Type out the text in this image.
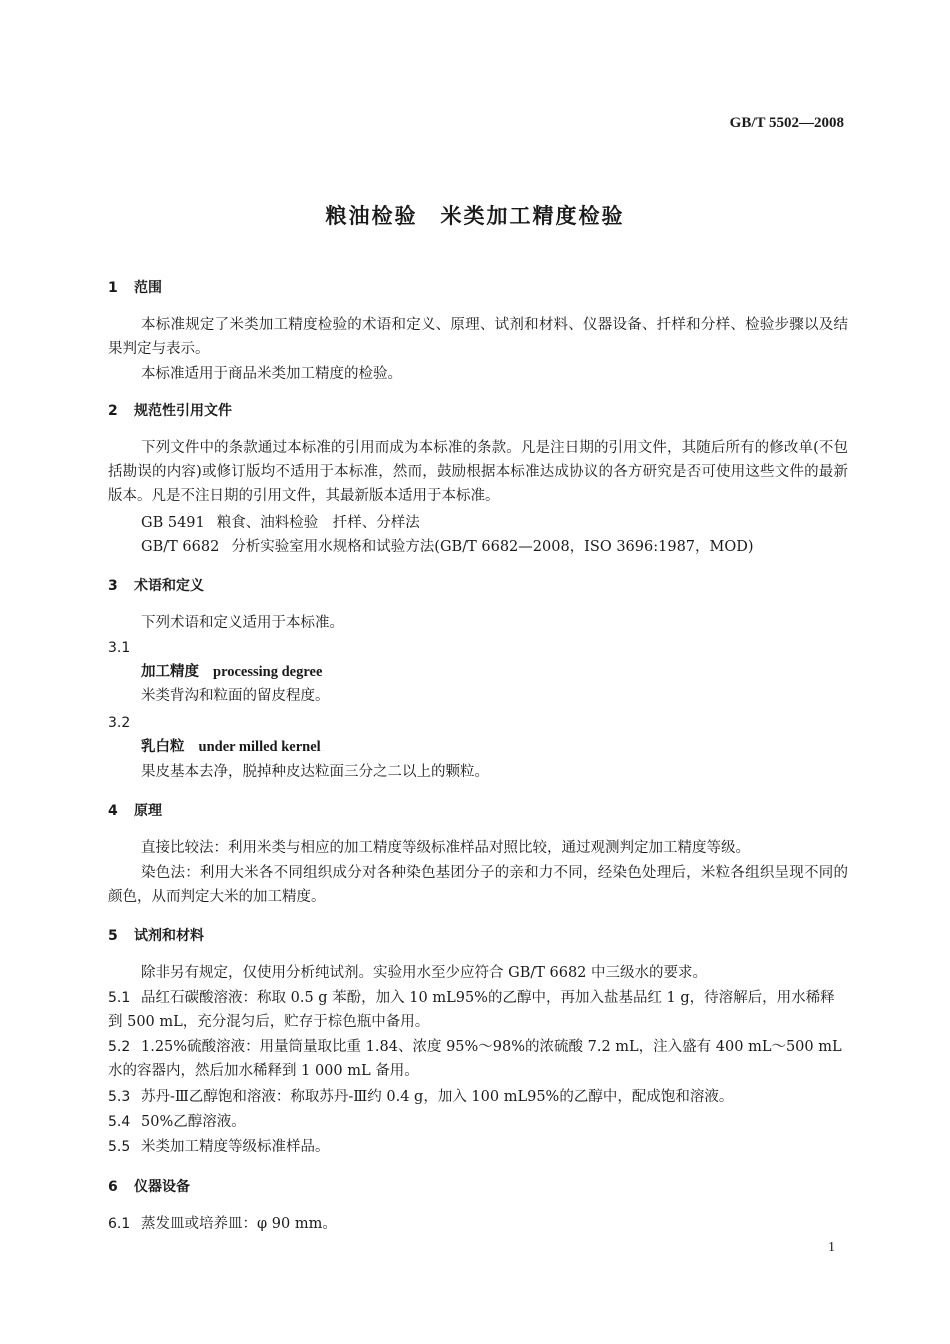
GB/T 5502—2008
粮油检验　米类加工精度检验
1 范围
本标准规定了米类加工精度检验的术语和定义、原理、试剂和材料、仪器设备、扦样和分样、检验步骤以及结果判定与表示。
本标准适用于商品米类加工精度的检验。
2 规范性引用文件
下列文件中的条款通过本标准的引用而成为本标准的条款。凡是注日期的引用文件，其随后所有的修改单(不包括勘误的内容)或修订版均不适用于本标准，然而，鼓励根据本标准达成协议的各方研究是否可使用这些文件的最新版本。凡是不注日期的引用文件，其最新版本适用于本标准。
GB 5491 粮食、油料检验　扦样、分样法
GB/T 6682 分析实验室用水规格和试验方法(GB/T 6682—2008，ISO 3696:1987，MOD)
3 术语和定义
下列术语和定义适用于本标准。
3.1
加工精度 processing degree
米类背沟和粒面的留皮程度。
3.2
乳白粒 under milled kernel
果皮基本去净，脱掉种皮达粒面三分之二以上的颗粒。
4 原理
直接比较法：利用米类与相应的加工精度等级标准样品对照比较，通过观测判定加工精度等级。
染色法：利用大米各不同组织成分对各种染色基团分子的亲和力不同，经染色处理后，米粒各组织呈现不同的颜色，从而判定大米的加工精度。
5 试剂和材料
除非另有规定，仅使用分析纯试剂。实验用水至少应符合 GB/T 6682 中三级水的要求。
5.1 品红石碳酸溶液：称取 0.5 g 苯酚，加入 10 mL95%的乙醇中，再加入盐基品红 1 g，待溶解后，用水稀释到 500 mL，充分混匀后，贮存于棕色瓶中备用。
5.2 1.25%硫酸溶液：用量筒量取比重 1.84、浓度 95%～98%的浓硫酸 7.2 mL，注入盛有 400 mL～500 mL 水的容器内，然后加水稀释到 1 000 mL 备用。
5.3 苏丹-Ⅲ乙醇饱和溶液：称取苏丹-Ⅲ约 0.4 g，加入 100 mL95%的乙醇中，配成饱和溶液。
5.4 50%乙醇溶液。
5.5 米类加工精度等级标准样品。
6 仪器设备
6.1 蒸发皿或培养皿：φ 90 mm。
1
